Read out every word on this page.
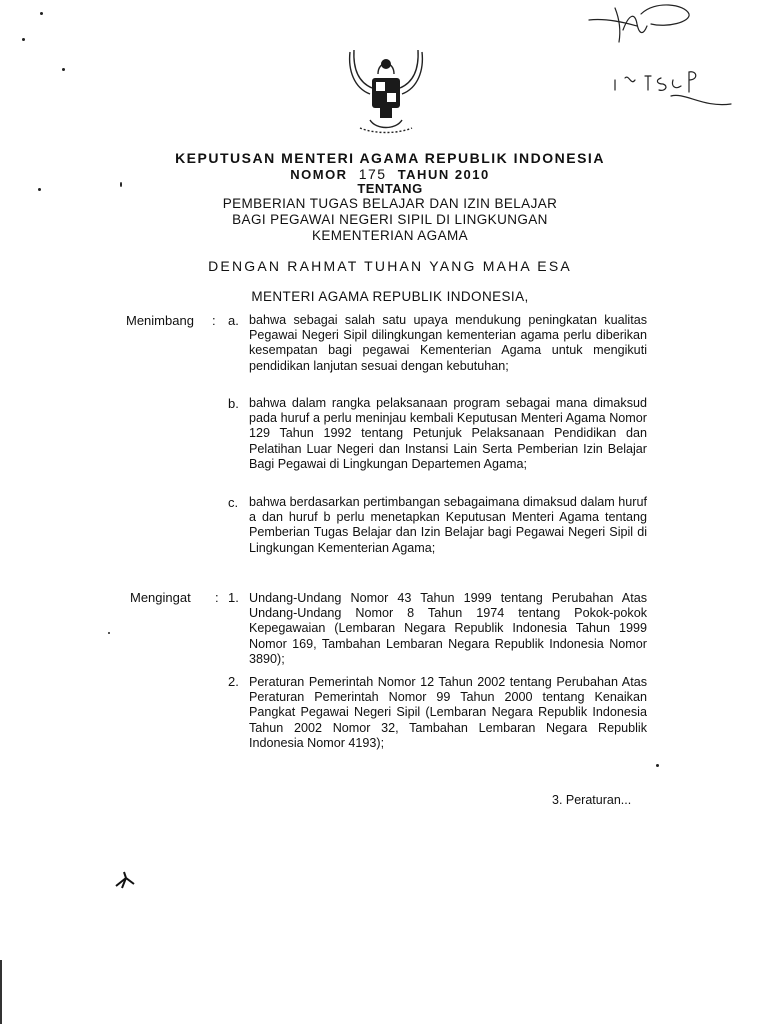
KEPUTUSAN MENTERI AGAMA REPUBLIK INDONESIA
NOMOR 175 TAHUN 2010
TENTANG
PEMBERIAN TUGAS BELAJAR DAN IZIN BELAJAR
BAGI PEGAWAI NEGERI SIPIL DI LINGKUNGAN
KEMENTERIAN AGAMA
DENGAN RAHMAT TUHAN YANG MAHA ESA
MENTERI AGAMA REPUBLIK INDONESIA,
Menimbang : a. bahwa sebagai salah satu upaya mendukung peningkatan kualitas Pegawai Negeri Sipil dilingkungan kementerian agama perlu diberikan kesempatan bagi pegawai Kementerian Agama untuk mengikuti pendidikan lanjutan sesuai dengan kebutuhan;
b. bahwa dalam rangka pelaksanaan program sebagai mana dimaksud pada huruf a perlu meninjau kembali Keputusan Menteri Agama Nomor 129 Tahun 1992 tentang Petunjuk Pelaksanaan Pendidikan dan Pelatihan Luar Negeri dan Instansi Lain Serta Pemberian Izin Belajar Bagi Pegawai di Lingkungan Departemen Agama;
c. bahwa berdasarkan pertimbangan sebagaimana dimaksud dalam huruf a dan huruf b perlu menetapkan Keputusan Menteri Agama tentang Pemberian Tugas Belajar dan Izin Belajar bagi Pegawai Negeri Sipil di Lingkungan Kementerian Agama;
Mengingat : 1. Undang-Undang Nomor 43 Tahun 1999 tentang Perubahan Atas Undang-Undang Nomor 8 Tahun 1974 tentang Pokok-pokok Kepegawaian (Lembaran Negara Republik Indonesia Tahun 1999 Nomor 169, Tambahan Lembaran Negara Republik Indonesia Nomor 3890);
2. Peraturan Pemerintah Nomor 12 Tahun 2002 tentang Perubahan Atas Peraturan Pemerintah Nomor 99 Tahun 2000 tentang Kenaikan Pangkat Pegawai Negeri Sipil (Lembaran Negara Republik Indonesia Tahun 2002 Nomor 32, Tambahan Lembaran Negara Republik Indonesia Nomor 4193);
3. Peraturan...
